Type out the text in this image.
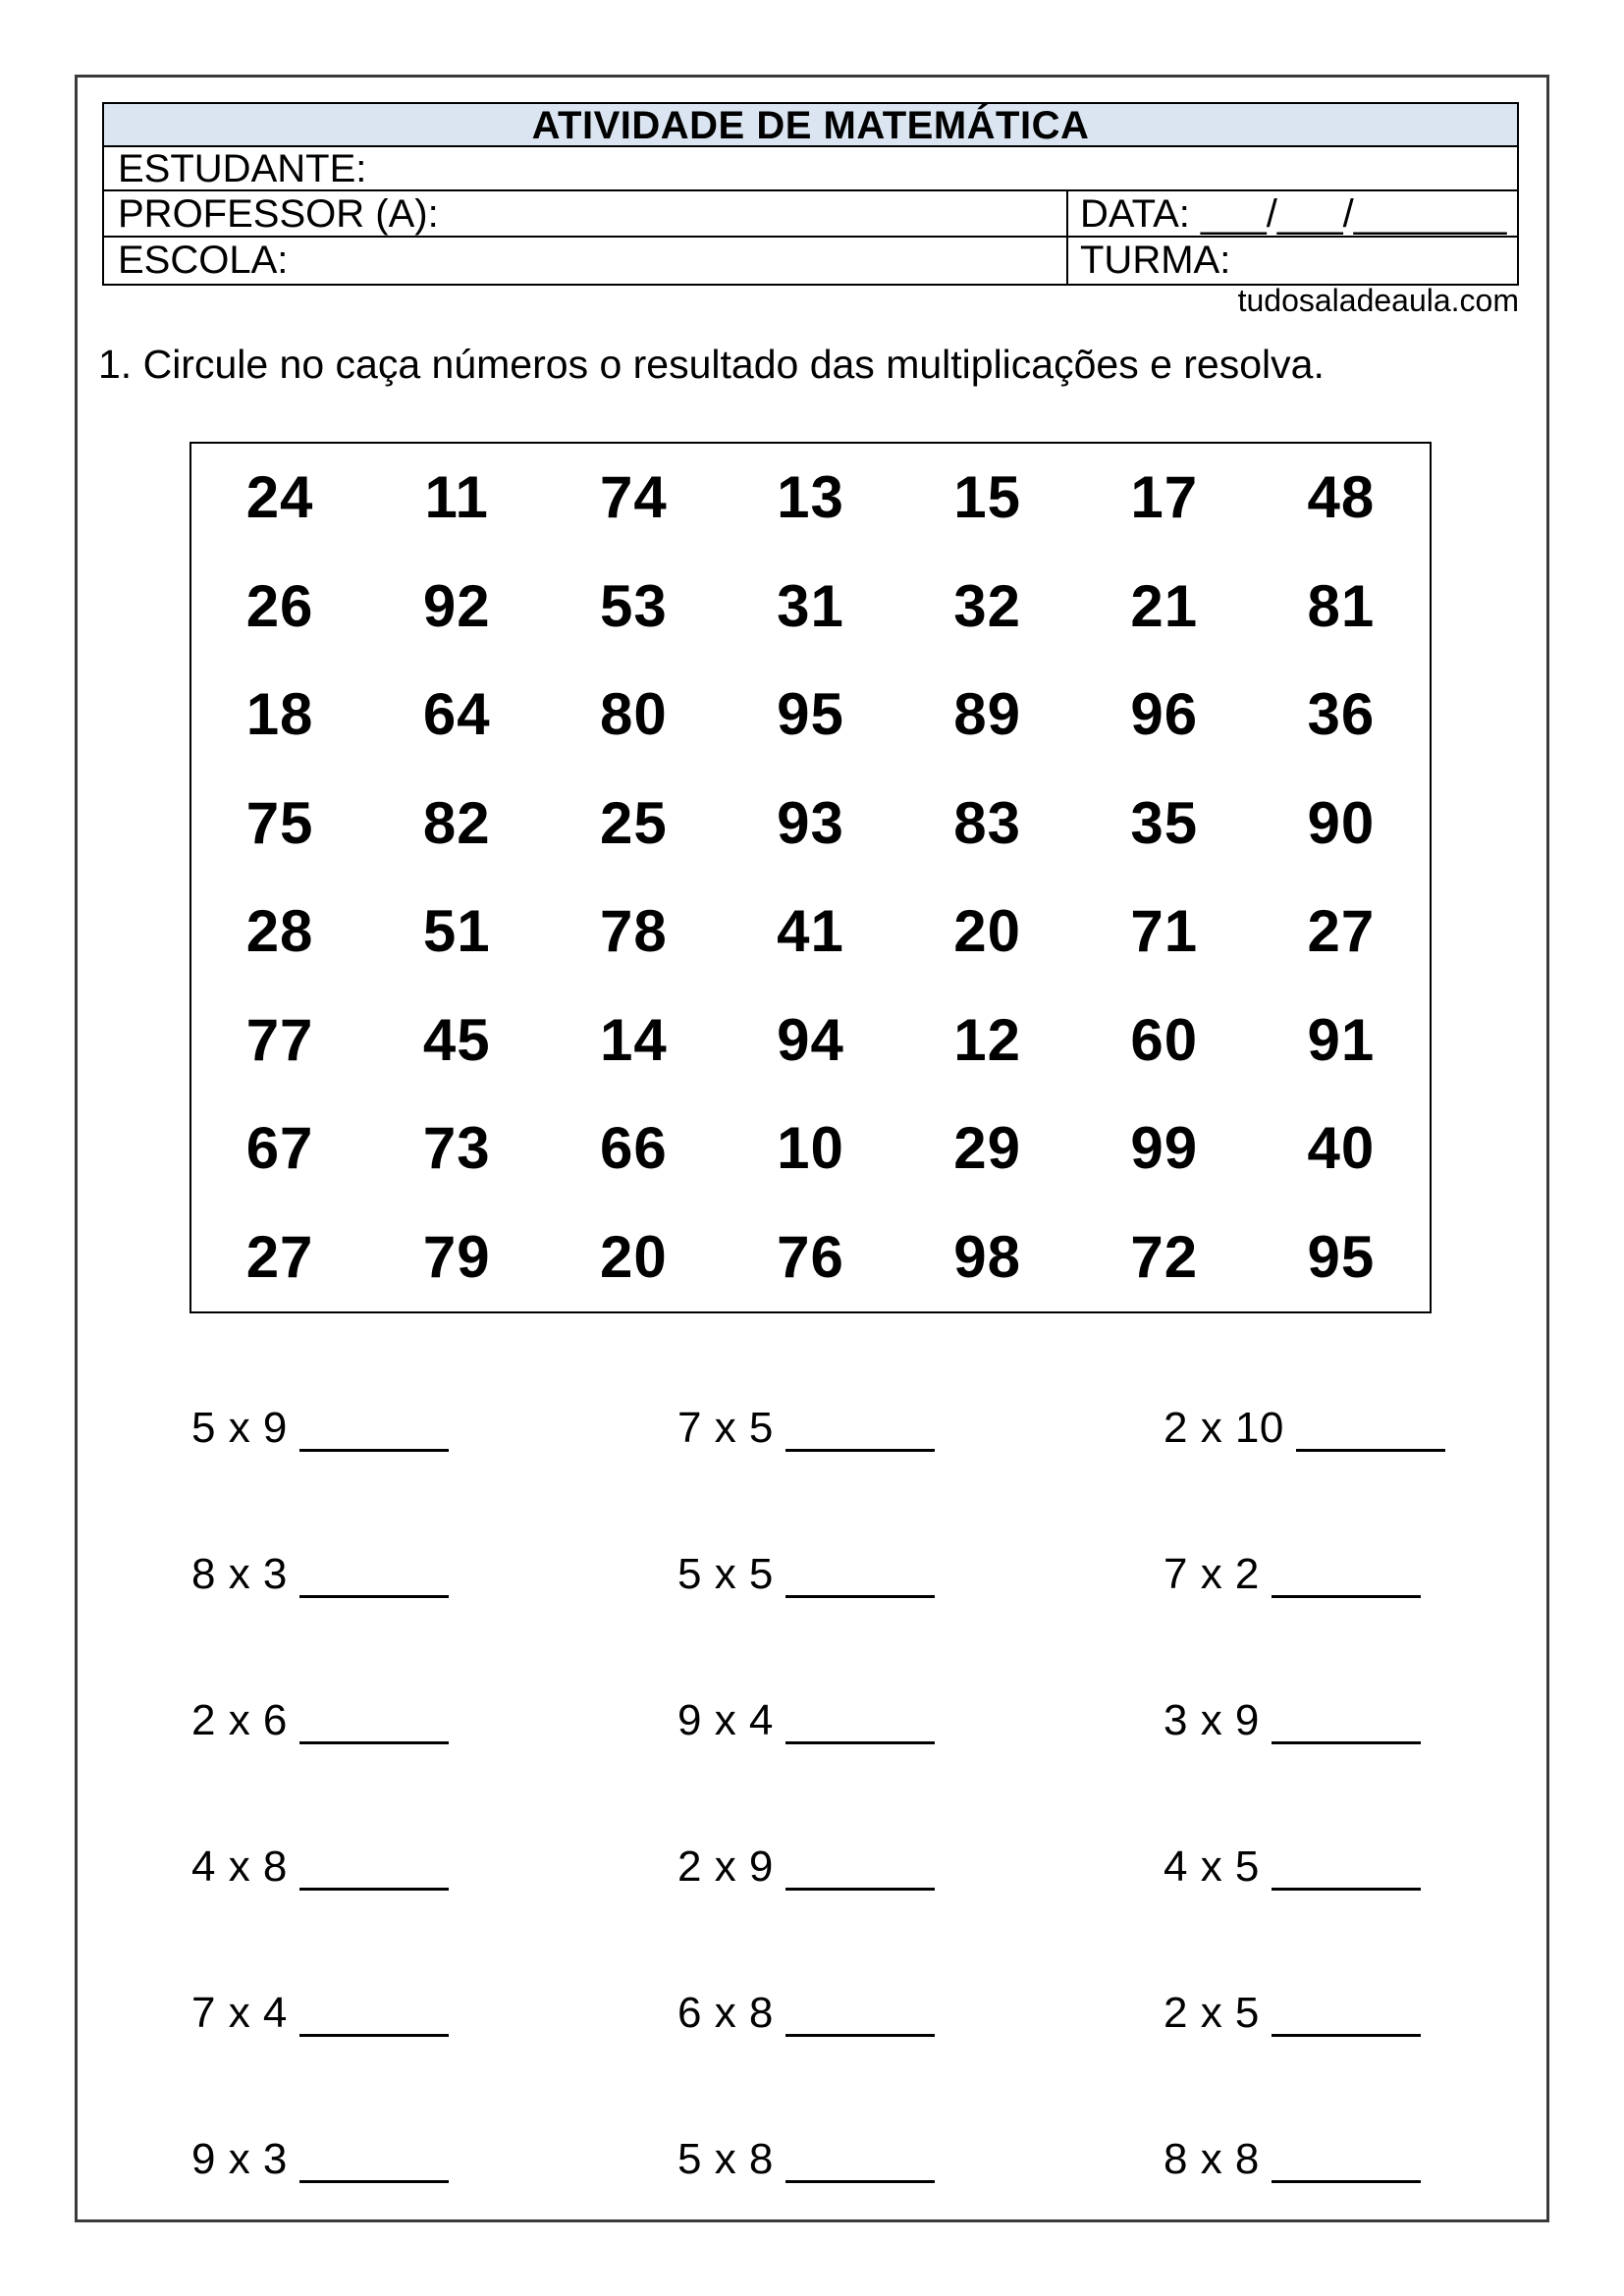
ATIVIDADE DE MATEMÁTICA
ESTUDANTE:
PROFESSOR (A):	DATA: ___/___/_______
ESCOLA:	TURMA:
tudosaladeaula.com
1. Circule no caça números o resultado das multiplicações e resolva.
24 11 74 13 15 17 48
26 92 53 31 32 21 81
18 64 80 95 89 96 36
75 82 25 93 83 35 90
28 51 78 41 20 71 27
77 45 14 94 12 60 91
67 73 66 10 29 99 40
27 79 20 76 98 72 95
5 x 9	7 x 5	2 x 10
8 x 3	5 x 5	7 x 2
2 x 6	9 x 4	3 x 9
4 x 8	2 x 9	4 x 5
7 x 4	6 x 8	2 x 5
9 x 3	5 x 8	8 x 8
